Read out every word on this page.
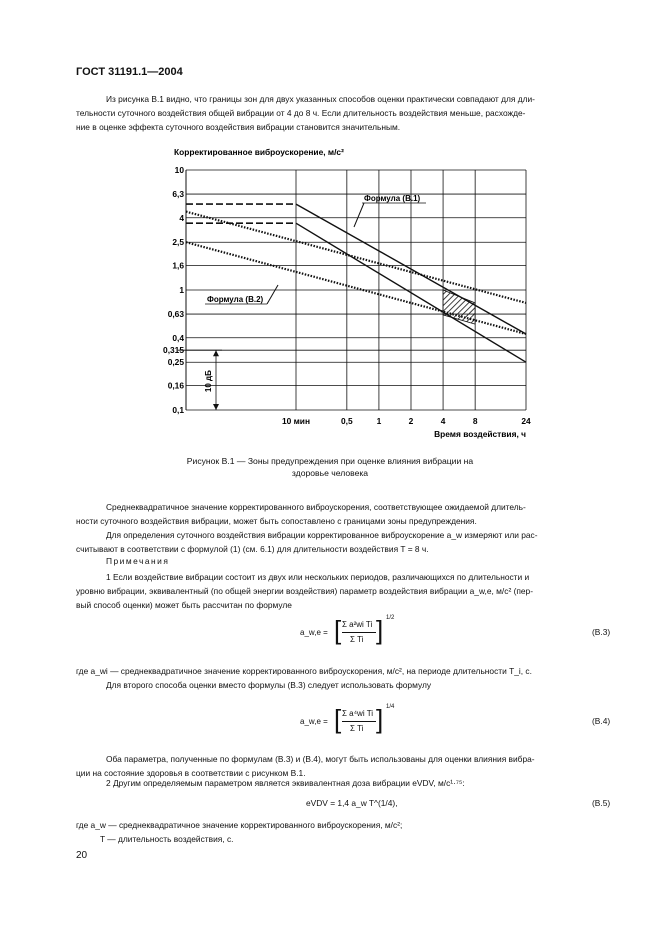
ГОСТ 31191.1—2004
Из рисунка В.1 видно, что границы зон для двух указанных способов оценки практически совпадают для дли-
тельности суточного воздействия общей вибрации от 4 до 8 ч. Если длительность воздействия меньше, расхожде-
ние в оценке эффекта суточного воздействия вибрации становится значительным.
Корректированное виброускорение, м/с²
10
6,3
4
2,5
1,6
1
0,63
0,4
0,315
0,25
0,16
0,1
10 мин	0,5	1	2	4	8	24
Время воздействия, ч
Формула (В.1)
Формула (В.2)
10 дБ
Рисунок В.1 — Зоны предупреждения при оценке влияния вибрации на
здоровье человека
Среднеквадратичное значение корректированного виброускорения, соответствующее ожидаемой длитель-
ности суточного воздействия вибрации, может быть сопоставлено с границами зоны предупреждения.
Для определения суточного воздействия вибрации корректированное виброускорение a_w измеряют или рас-
считывают в соответствии с формулой (1) (см. 6.1) для длительности воздействия T = 8 ч.
Примечания
1 Если воздействие вибрации состоит из двух или нескольких периодов, различающихся по длительности и
уровню вибрации, эквивалентный (по общей энергии воздействия) параметр воздействия вибрации a_w,e, м/с² (пер-
вый способ оценки) может быть рассчитан по формуле
a_w,e = [ Σ a²wi Ti
Σ Ti ] 1/2
(В.3)
где a_wi — среднеквадратичное значение корректированного виброускорения, м/с², на периоде длительности T_i, с.
Для второго способа оценки вместо формулы (В.3) следует использовать формулу
a_w,e = [ Σ a⁴wi Ti
Σ Ti ] 1/4
(В.4)
Оба параметра, полученные по формулам (В.3) и (В.4), могут быть использованы для оценки влияния вибра-
ции на состояние здоровья в соответствии с рисунком В.1.
2 Другим определяемым параметром является эквивалентная доза вибрации eVDV, м/с¹·⁷⁵:
eVDV = 1,4 a_w T^(1/4),	(В.5)
где a_w — среднеквадратичное значение корректированного виброускорения, м/с²;
T — длительность воздействия, с.
20
